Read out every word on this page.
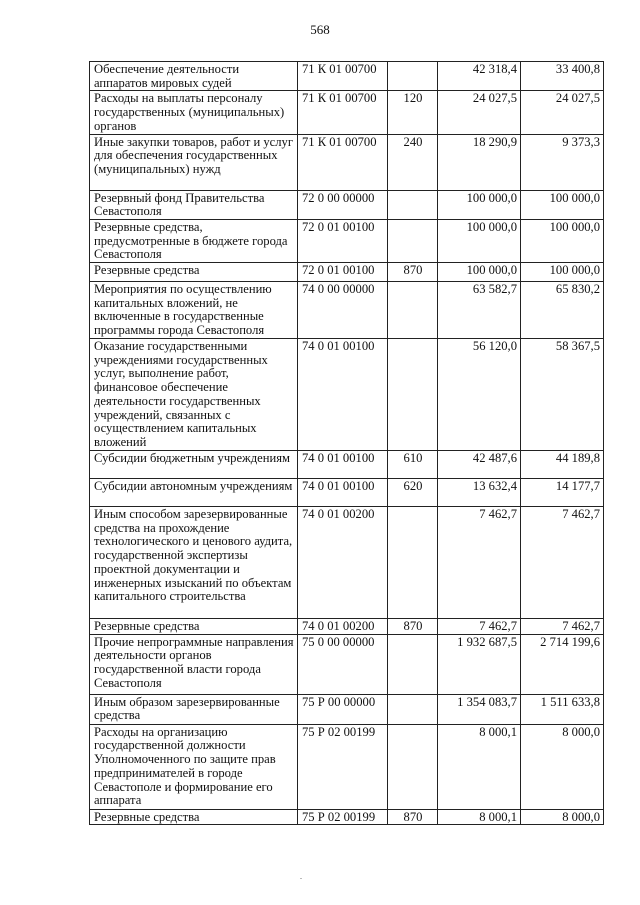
568
Обеспечение деятельности аппаратов мировых судей	71 К 01 00700		42 318,4	33 400,8
Расходы на выплаты персоналу государственных (муниципальных) органов	71 К 01 00700	120	24 027,5	24 027,5
Иные закупки товаров, работ и услуг для обеспечения государственных (муниципальных) нужд	71 К 01 00700	240	18 290,9	9 373,3
Резервный фонд Правительства Севастополя	72 0 00 00000		100 000,0	100 000,0
Резервные средства, предусмотренные в бюджете города Севастополя	72 0 01 00100		100 000,0	100 000,0
Резервные средства	72 0 01 00100	870	100 000,0	100 000,0
Мероприятия по осуществлению капитальных вложений, не включенные в государственные программы города Севастополя	74 0 00 00000		63 582,7	65 830,2
Оказание государственными учреждениями государственных услуг, выполнение работ, финансовое обеспечение деятельности государственных учреждений, связанных с осуществлением капитальных вложений	74 0 01 00100		56 120,0	58 367,5
Субсидии бюджетным учреждениям	74 0 01 00100	610	42 487,6	44 189,8
Субсидии автономным учреждениям	74 0 01 00100	620	13 632,4	14 177,7
Иным способом зарезервированные средства на прохождение технологического и ценового аудита, государственной экспертизы проектной документации и инженерных изысканий по объектам капитального строительства	74 0 01 00200		7 462,7	7 462,7
Резервные средства	74 0 01 00200	870	7 462,7	7 462,7
Прочие непрограммные направления деятельности органов государственной власти города Севастополя	75 0 00 00000		1 932 687,5	2 714 199,6
Иным образом зарезервированные средства	75 Р 00 00000		1 354 083,7	1 511 633,8
Расходы на организацию государственной должности Уполномоченного по защите прав предпринимателей в городе Севастополе и формирование его аппарата	75 Р 02 00199		8 000,1	8 000,0
Резервные средства	75 Р 02 00199	870	8 000,1	8 000,0
